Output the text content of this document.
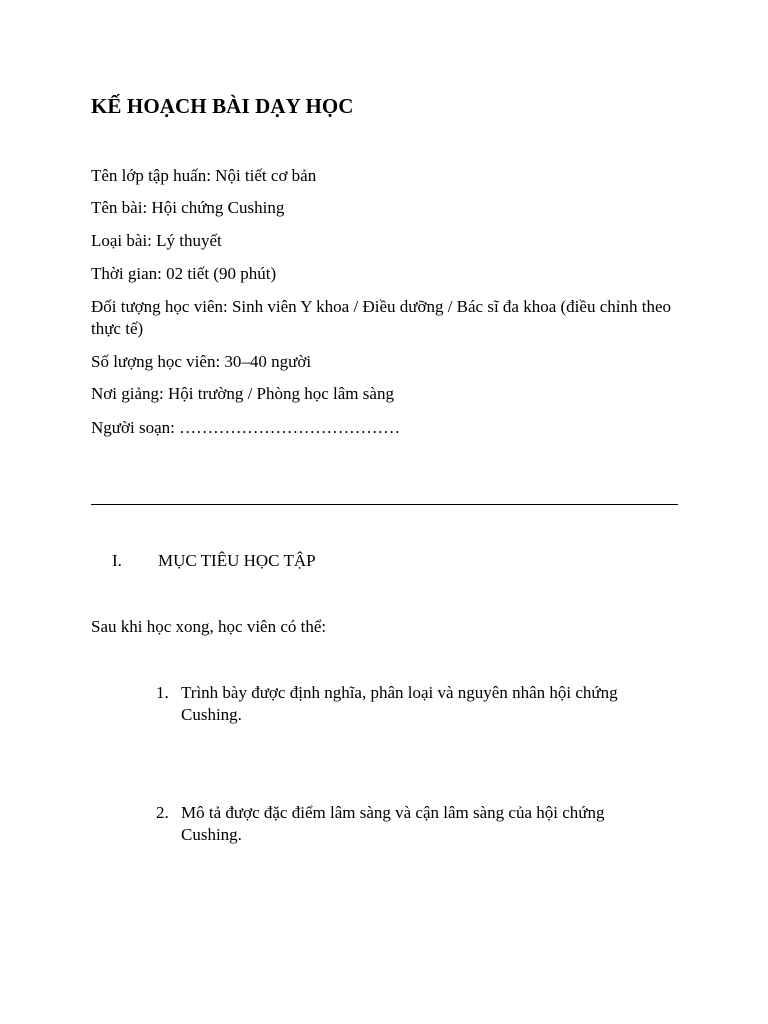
KẾ HOẠCH BÀI DẠY HỌC
Tên lớp tập huấn: Nội tiết cơ bản
Tên bài: Hội chứng Cushing
Loại bài: Lý thuyết
Thời gian: 02 tiết (90 phút)
Đối tượng học viên: Sinh viên Y khoa / Điều dưỡng / Bác sĩ đa khoa (điều chỉnh theo thực tế)
Số lượng học viên: 30–40 người
Nơi giảng: Hội trường / Phòng học lâm sàng
Người soạn: …………………………………
I. MỤC TIÊU HỌC TẬP
Sau khi học xong, học viên có thể:
1. Trình bày được định nghĩa, phân loại và nguyên nhân hội chứng Cushing.
2. Mô tả được đặc điểm lâm sàng và cận lâm sàng của hội chứng Cushing.
